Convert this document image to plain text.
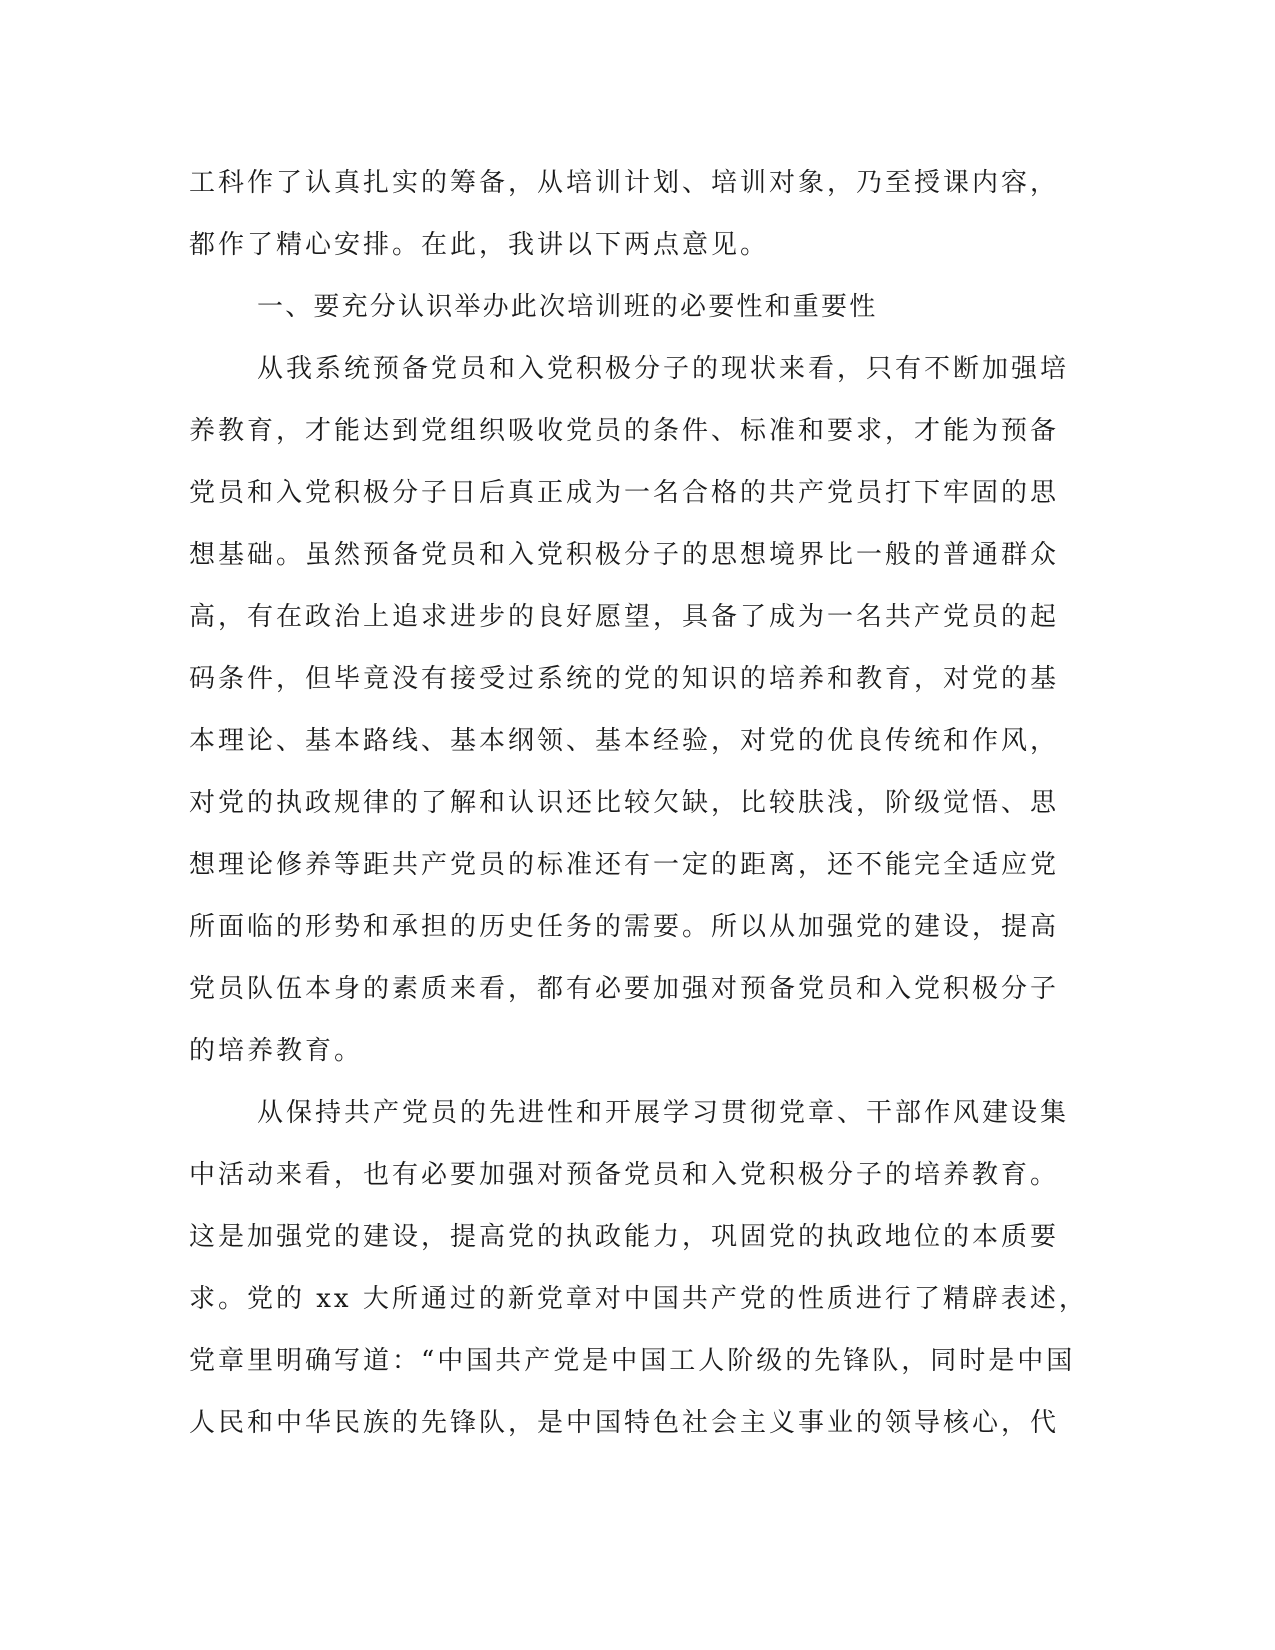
工科作了认真扎实的筹备，从培训计划、培训对象，乃至授课内容，
都作了精心安排。在此，我讲以下两点意见。
一、要充分认识举办此次培训班的必要性和重要性
从我系统预备党员和入党积极分子的现状来看，只有不断加强培
养教育，才能达到党组织吸收党员的条件、标准和要求，才能为预备
党员和入党积极分子日后真正成为一名合格的共产党员打下牢固的思
想基础。虽然预备党员和入党积极分子的思想境界比一般的普通群众
高，有在政治上追求进步的良好愿望，具备了成为一名共产党员的起
码条件，但毕竟没有接受过系统的党的知识的培养和教育，对党的基
本理论、基本路线、基本纲领、基本经验，对党的优良传统和作风，
对党的执政规律的了解和认识还比较欠缺，比较肤浅，阶级觉悟、思
想理论修养等距共产党员的标准还有一定的距离，还不能完全适应党
所面临的形势和承担的历史任务的需要。所以从加强党的建设，提高
党员队伍本身的素质来看，都有必要加强对预备党员和入党积极分子
的培养教育。
从保持共产党员的先进性和开展学习贯彻党章、干部作风建设集
中活动来看，也有必要加强对预备党员和入党积极分子的培养教育。
这是加强党的建设，提高党的执政能力，巩固党的执政地位的本质要
求。党的 xx 大所通过的新党章对中国共产党的性质进行了精辟表述，
党章里明确写道：“中国共产党是中国工人阶级的先锋队，同时是中国
人民和中华民族的先锋队，是中国特色社会主义事业的领导核心，代
